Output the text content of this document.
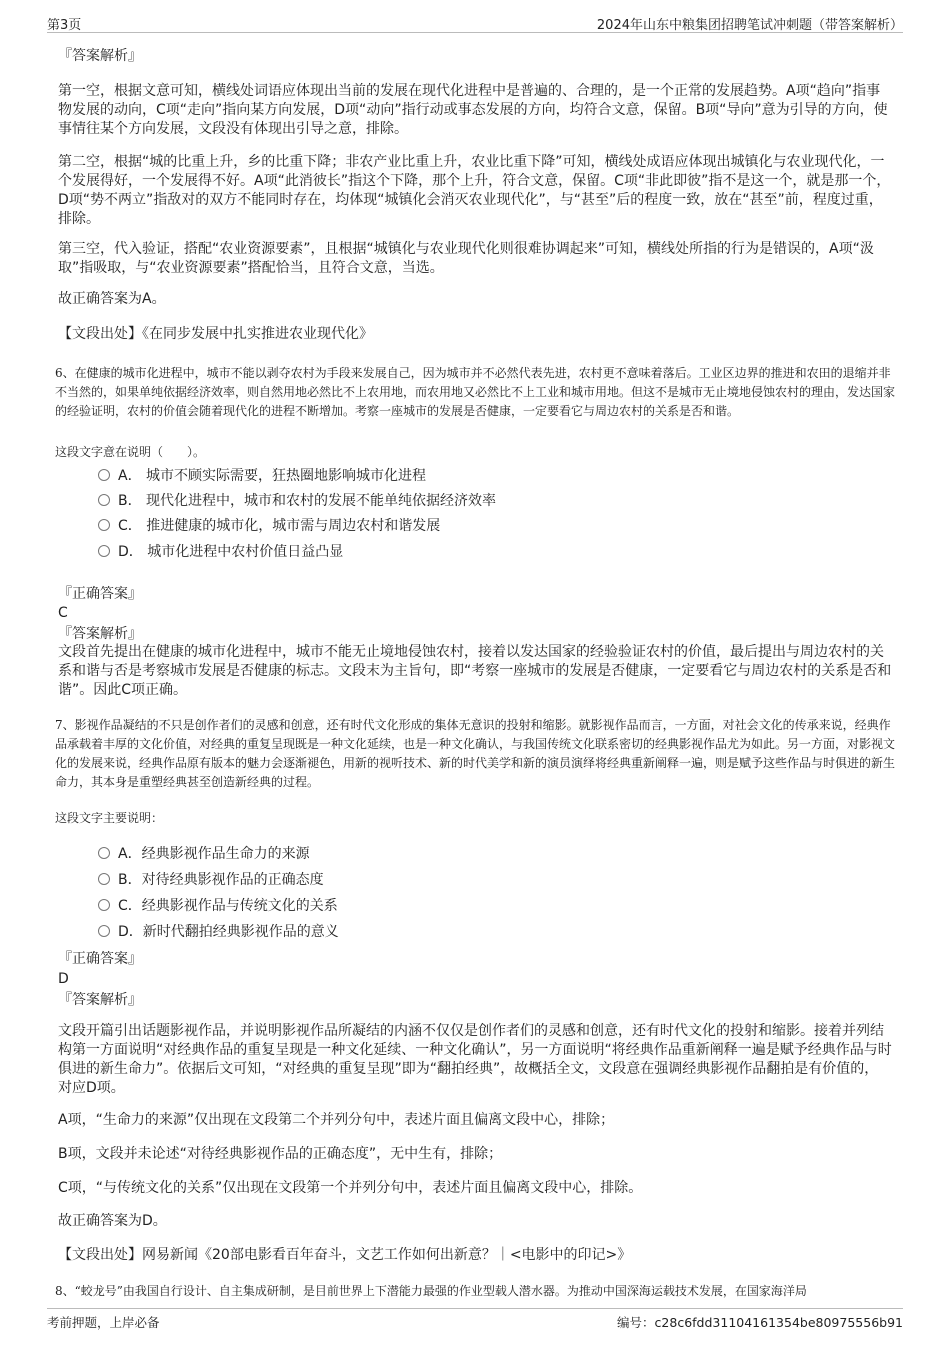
第3页	2024年山东中粮集团招聘笔试冲刺题（带答案解析）

『答案解析』

第一空，根据文意可知，横线处词语应体现出当前的发展在现代化进程中是普遍的、合理的，是一个正常的发展趋势。A项“趋向”指事物发展的动向，C项“走向”指向某方向发展，D项“动向”指行动或事态发展的方向，均符合文意，保留。B项“导向”意为引导的方向，使事情往某个方向发展，文段没有体现出引导之意，排除。

第二空，根据“城的比重上升，乡的比重下降；非农产业比重上升，农业比重下降”可知，横线处成语应体现出城镇化与农业现代化，一个发展得好，一个发展得不好。A项“此消彼长”指这个下降，那个上升，符合文意，保留。C项“非此即彼”指不是这一个，就是那一个，D项“势不两立”指敌对的双方不能同时存在，均体现“城镇化会消灭农业现代化”，与“甚至”后的程度一致，放在“甚至”前，程度过重，排除。

第三空，代入验证，搭配“农业资源要素”，且根据“城镇化与农业现代化则很难协调起来”可知，横线处所指的行为是错误的，A项“汲取”指吸取，与“农业资源要素”搭配恰当，且符合文意，当选。

故正确答案为A。

【文段出处】《在同步发展中扎实推进农业现代化》

6、在健康的城市化进程中，城市不能以剥夺农村为手段来发展自己，因为城市并不必然代表先进，农村更不意味着落后。工业区边界的推进和农田的退缩并非不当然的，如果单纯依据经济效率，则自然用地必然比不上农用地，而农用地又必然比不上工业和城市用地。但这不是城市无止境地侵蚀农村的理由，发达国家的经验证明，农村的价值会随着现代化的进程不断增加。考察一座城市的发展是否健康，一定要看它与周边农村的关系是否和谐。

这段文字意在说明（　　）。

A． 城市不顾实际需要，狂热圈地影响城市化进程
B． 现代化进程中，城市和农村的发展不能单纯依据经济效率
C． 推进健康的城市化，城市需与周边农村和谐发展
D． 城市化进程中农村价值日益凸显

『正确答案』

C

『答案解析』

文段首先提出在健康的城市化进程中，城市不能无止境地侵蚀农村，接着以发达国家的经验验证农村的价值，最后提出与周边农村的关系和谐与否是考察城市发展是否健康的标志。文段末为主旨句，即“考察一座城市的发展是否健康，一定要看它与周边农村的关系是否和谐”。因此C项正确。

7、影视作品凝结的不只是创作者们的灵感和创意，还有时代文化形成的集体无意识的投射和缩影。就影视作品而言，一方面，对社会文化的传承来说，经典作品承载着丰厚的文化价值，对经典的重复呈现既是一种文化延续，也是一种文化确认，与我国传统文化联系密切的经典影视作品尤为如此。另一方面，对影视文化的发展来说，经典作品原有版本的魅力会逐渐褪色，用新的视听技术、新的时代美学和新的演员演绎将经典重新阐释一遍，则是赋予这些作品与时俱进的新生命力，其本身是重塑经典甚至创造新经典的过程。

这段文字主要说明：

A．经典影视作品生命力的来源
B．对待经典影视作品的正确态度
C．经典影视作品与传统文化的关系
D．新时代翻拍经典影视作品的意义

『正确答案』

D

『答案解析』

文段开篇引出话题影视作品，并说明影视作品所凝结的内涵不仅仅是创作者们的灵感和创意，还有时代文化的投射和缩影。接着并列结构第一方面说明“对经典作品的重复呈现是一种文化延续、一种文化确认”，另一方面说明“将经典作品重新阐释一遍是赋予经典作品与时俱进的新生命力”。依据后文可知，“对经典的重复呈现”即为“翻拍经典”，故概括全文，文段意在强调经典影视作品翻拍是有价值的，对应D项。

A项，“生命力的来源”仅出现在文段第二个并列分句中，表述片面且偏离文段中心，排除；

B项，文段并未论述“对待经典影视作品的正确态度”，无中生有，排除；

C项，“与传统文化的关系”仅出现在文段第一个并列分句中，表述片面且偏离文段中心，排除。

故正确答案为D。

【文段出处】网易新闻《20部电影看百年奋斗，文艺工作如何出新意？｜<电影中的印记>》

8、“蛟龙号”由我国自行设计、自主集成研制，是目前世界上下潜能力最强的作业型载人潜水器。为推动中国深海运载技术发展，在国家海洋局

考前押题，上岸必备	编号：c28c6fdd31104161354be80975556b91
